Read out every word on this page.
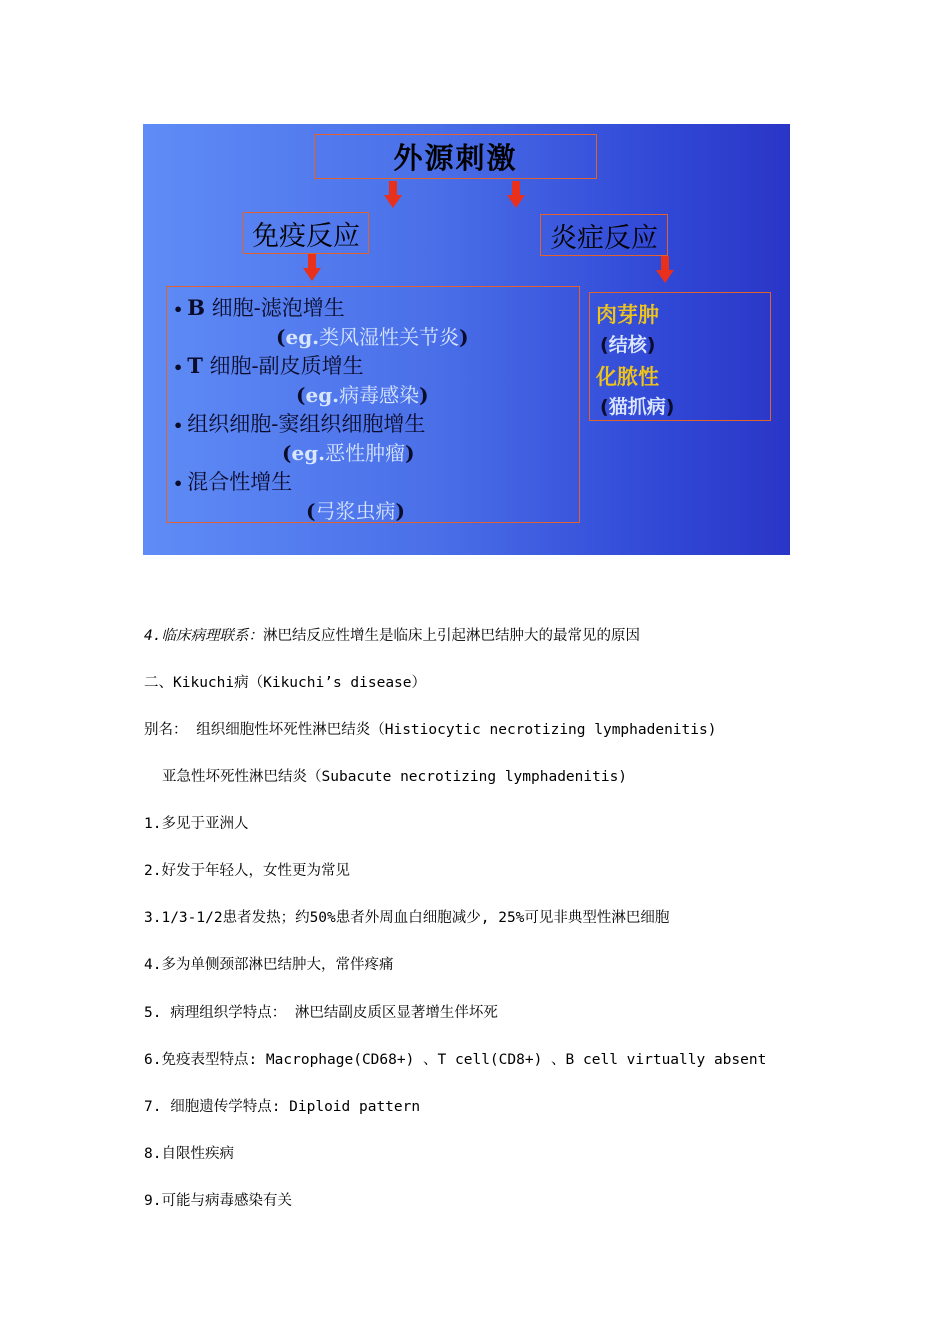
外源刺激
免疫反应	炎症反应
• B 细胞-滤泡增生
(eg.类风湿性关节炎)
• T 细胞-副皮质增生
(eg.病毒感染)
• 组织细胞-窦组织细胞增生
(eg.恶性肿瘤)
• 混合性增生
(弓浆虫病)
肉芽肿
(结核)
化脓性
(猫抓病)
4.临床病理联系：淋巴结反应性增生是临床上引起淋巴结肿大的最常见的原因
二、Kikuchi病（Kikuchi’s disease）
别名： 组织细胞性坏死性淋巴结炎（Histiocytic necrotizing lymphadenitis)
亚急性坏死性淋巴结炎（Subacute necrotizing lymphadenitis)
1.多见于亚洲人
2.好发于年轻人，女性更为常见
3.1/3-1/2患者发热；约50%患者外周血白细胞减少, 25%可见非典型性淋巴细胞
4.多为单侧颈部淋巴结肿大，常伴疼痛
5. 病理组织学特点： 淋巴结副皮质区显著增生伴坏死
6.免疫表型特点: Macrophage(CD68+) 、T cell(CD8+) 、B cell virtually absent
7. 细胞遗传学特点: Diploid pattern
8.自限性疾病
9.可能与病毒感染有关
